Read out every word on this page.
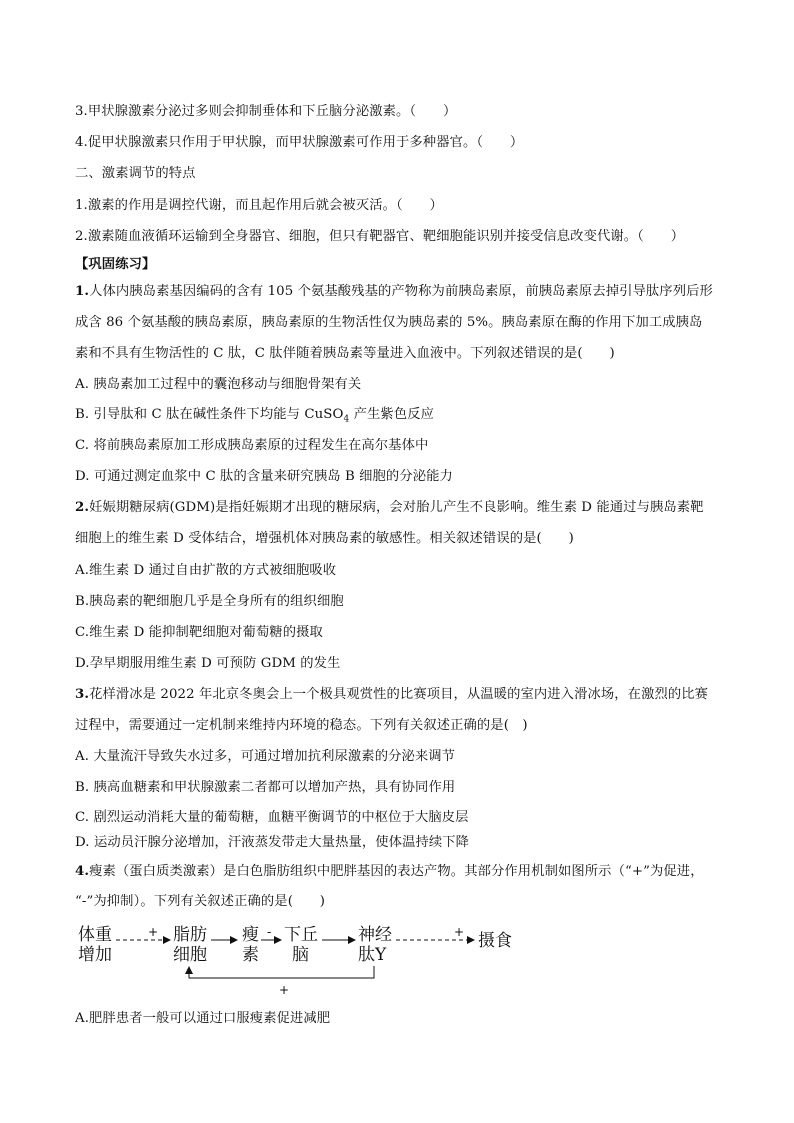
3.甲状腺激素分泌过多则会抑制垂体和下丘脑分泌激素。（　　）
4.促甲状腺激素只作用于甲状腺，而甲状腺激素可作用于多种器官。（　　）
二、激素调节的特点
1.激素的作用是调控代谢，而且起作用后就会被灭活。（　　）
2.激素随血液循环运输到全身器官、细胞，但只有靶器官、靶细胞能识别并接受信息改变代谢。（　　）
【巩固练习】
1.人体内胰岛素基因编码的含有 105 个氨基酸残基的产物称为前胰岛素原，前胰岛素原去掉引导肽序列后形
成含 86 个氨基酸的胰岛素原，胰岛素原的生物活性仅为胰岛素的 5%。胰岛素原在酶的作用下加工成胰岛
素和不具有生物活性的 C 肽，C 肽伴随着胰岛素等量进入血液中。下列叙述错误的是(　　)
A. 胰岛素加工过程中的囊泡移动与细胞骨架有关
B. 引导肽和 C 肽在碱性条件下均能与 CuSO$_4$ 产生紫色反应
C. 将前胰岛素原加工形成胰岛素原的过程发生在高尔基体中
D. 可通过测定血浆中 C 肽的含量来研究胰岛 B 细胞的分泌能力
2.妊娠期糖尿病(GDM)是指妊娠期才出现的糖尿病，会对胎儿产生不良影响。维生素 D 能通过与胰岛素靶
细胞上的维生素 D 受体结合，增强机体对胰岛素的敏感性。相关叙述错误的是(　　)
A.维生素 D 通过自由扩散的方式被细胞吸收
B.胰岛素的靶细胞几乎是全身所有的组织细胞
C.维生素 D 能抑制靶细胞对葡萄糖的摄取
D.孕早期服用维生素 D 可预防 GDM 的发生
3.花样滑冰是 2022 年北京冬奥会上一个极具观赏性的比赛项目，从温暖的室内进入滑冰场，在激烈的比赛
过程中，需要通过一定机制来维持内环境的稳态。下列有关叙述正确的是(　)
A. 大量流汗导致失水过多，可通过增加抗利尿激素的分泌来调节
B. 胰高血糖素和甲状腺激素二者都可以增加产热，具有协同作用
C. 剧烈运动消耗大量的葡萄糖，血糖平衡调节的中枢位于大脑皮层
D. 运动员汗腺分泌增加，汗液蒸发带走大量热量，使体温持续下降
4.瘦素（蛋白质类激素）是白色脂肪组织中肥胖基因的表达产物。其部分作用机制如图所示（“+”为促进，
“-”为抑制）。下列有关叙述正确的是(　　)
体重
增加
+ 脂肪
细胞
瘦
素
- 下丘
脑
神经
肽Y
+ 摄食
+
A.肥胖患者一般可以通过口服瘦素促进减肥
